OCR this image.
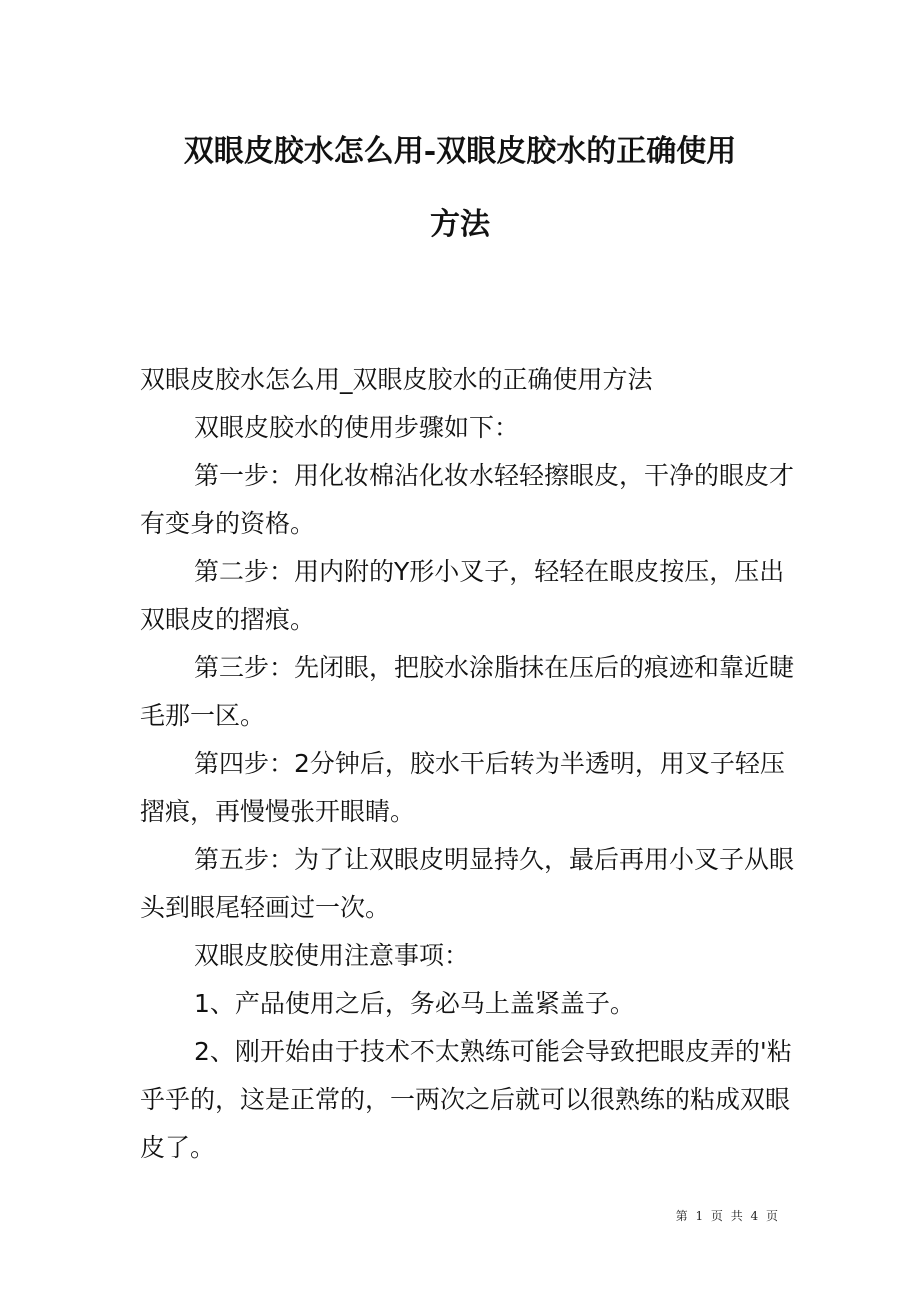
双眼皮胶水怎么用-双眼皮胶水的正确使用
方法

双眼皮胶水怎么用_双眼皮胶水的正确使用方法

双眼皮胶水的使用步骤如下：

第一步：用化妆棉沾化妆水轻轻擦眼皮，干净的眼皮才有变身的资格。

第二步：用内附的Y形小叉子，轻轻在眼皮按压，压出双眼皮的摺痕。

第三步：先闭眼，把胶水涂脂抹在压后的痕迹和靠近睫毛那一区。

第四步：2分钟后，胶水干后转为半透明，用叉子轻压摺痕，再慢慢张开眼睛。

第五步：为了让双眼皮明显持久，最后再用小叉子从眼头到眼尾轻画过一次。

双眼皮胶使用注意事项：

1、产品使用之后，务必马上盖紧盖子。

2、刚开始由于技术不太熟练可能会导致把眼皮弄的'粘乎乎的，这是正常的，一两次之后就可以很熟练的粘成双眼皮了。

第 1 页 共 4 页
